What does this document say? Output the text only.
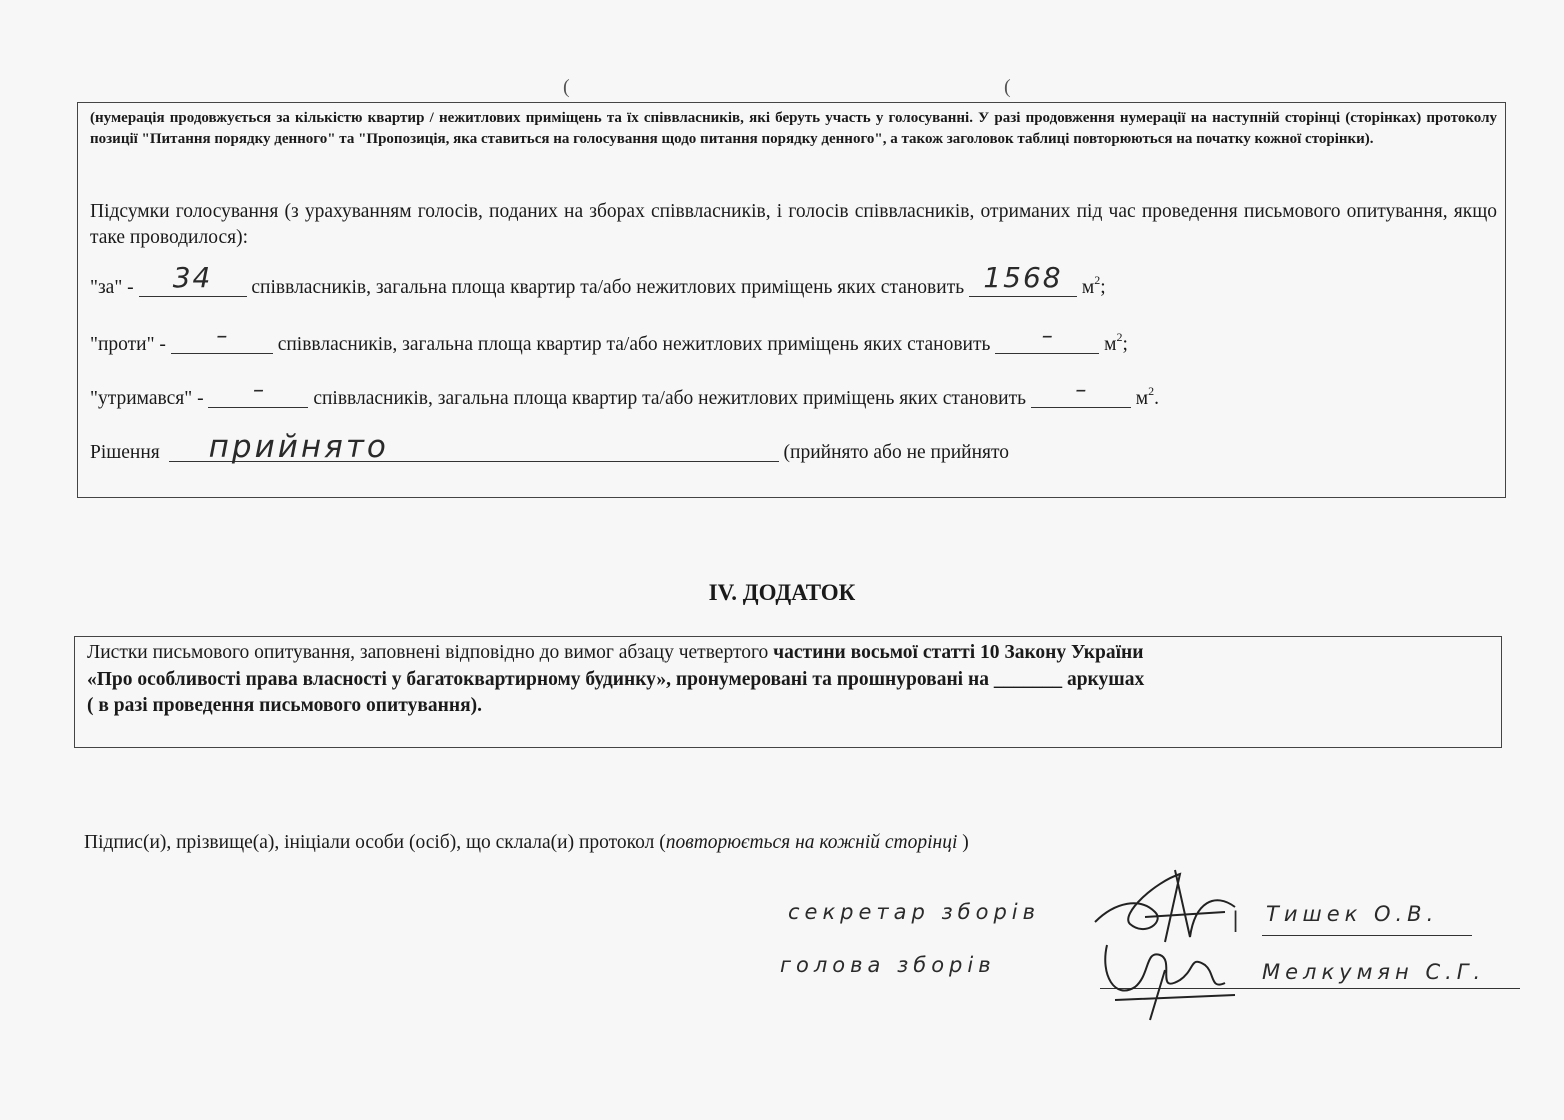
(	(
(нумерація продовжується за кількістю квартир / нежитлових приміщень та їх співвласників, які беруть участь у голосуванні. У разі продовження нумерації на наступній сторінці (сторінках) протоколу позиції "Питання порядку денного" та "Пропозиція, яка ставиться на голосування щодо питання порядку денного", а також заголовок таблиці повторюються на початку кожної сторінки).
Підсумки голосування (з урахуванням голосів, поданих на зборах співвласників, і голосів співвласників, отриманих під час проведення письмового опитування, якщо таке проводилося):
"за" -	34	співвласників, загальна площа квартир та/або нежитлових приміщень яких становить 1568 $м^2$;
"проти" -	–	співвласників, загальна площа квартир та/або нежитлових приміщень яких становить	–	$м^2$;
"утримався" -	–	співвласників, загальна площа квартир та/або нежитлових приміщень яких становить	–	$м^2$.
Рішення прийнято	(прийнято або не прийнято
IV. ДОДАТОК
Листки письмового опитування, заповнені відповідно до вимог абзацу четвертого частини восьмої статті 10 Закону України
«Про особливості права власності у багатоквартирному будинку», пронумеровані та прошнуровані на _______ аркушах
( в разі проведення письмового опитування).
Підпис(и), прізвище(а), ініціали особи (осіб), що склала(и) протокол (повторюється на кожній сторінці )
секретар зборів	| Тишек О.В.
голова зборів	Мелкумян С.Г.
